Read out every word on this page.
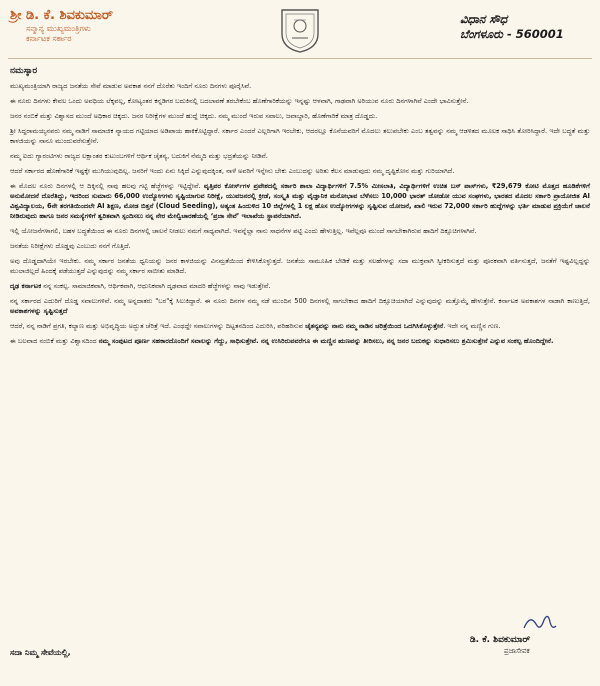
ಶ್ರೀ ಡಿ. ಕೆ. ಶಿವಕುಮಾರ್
ಸನ್ಮಾನ್ಯ ಮುಖ್ಯಮಂತ್ರಿಗಳು
ಕರ್ನಾಟಕ ಸರ್ಕಾರ
ವಿಧಾನ ಸೌಧ
ಬೆಂಗಳೂರು - 560001
ನಮಸ್ಕಾರ

ಮುಖ್ಯಮಂತ್ರಿಯಾಗಿ ರಾಜ್ಯದ ಜನತೆಯ ಸೇವೆ ಮಾಡುವ ಅವಕಾಶ ನನಗೆ ದೊರೆತು ಇಂದಿಗೆ ನೂರು ದಿನಗಳು ಪೂರೈಸಿವೆ.

ಈ ನೂರು ದಿನಗಳು ಕೇವಲ ಒಂದು ಅವಧಿಯ ಲೆಕ್ಕವಲ್ಲ, ಕೋಟ್ಯಂತರ ಕನ್ನಡಿಗರ ಬದುಕಿನಲ್ಲಿ ಬದಲಾವಣೆ ತರಬೇಕೆಂಬ ಹೊಣೆಗಾರಿಕೆಯನ್ನು ಇನ್ನಷ್ಟು ಆಳವಾಗಿ, ಗಾಢವಾಗಿ ಅರಿಯುವ ನೂರು ದಿನಗಳಾಗಿವೆ ಎಂದೇ ಭಾವಿಸುತ್ತೇನೆ.

ಜನರ ನಂಬಿಕೆ ಮತ್ತು ವಿಶ್ವಾಸದ ಮುಂದೆ ಅಧಿಕಾರ ಚಿಕ್ಕದು. ಜನರ ನಿರೀಕ್ಷೆಗಳ ಮುಂದೆ ಹುದ್ದೆ ಚಿಕ್ಕದು. ನಮ್ಮ ಮುಂದೆ ಇರುವ ಸವಾಲು, ಜವಾಬ್ದಾರಿ, ಹೊಣೆಗಾರಿಕೆ ಮಾತ್ರ ದೊಡ್ಡದು.

ಶ್ರೀ ಸಿದ್ದರಾಮಯ್ಯನವರು ನಮ್ಮ ನಾಡಿಗೆ ಸಾಮಾಜಿಕ ನ್ಯಾಯದ ಗಟ್ಟಿಯಾದ ಅಡಿಪಾಯ ಹಾಕಿಕೊಟ್ಟಿದ್ದಾರೆ. ಸರ್ಕಾರ ಎಂದರೆ ಎಲ್ಲರಿಗಾಗಿ ಇರಬೇಕು, ಆದರಲ್ಲೂ ಕೊನೆಯವರಿಗೆ ಮೊದಲು ತಲುಪಬೇಕು ಎಂಬ ತತ್ವವನ್ನು ನಮ್ಮ ಆಡಳಿತದ ಮೂಲಕ ಸಾಧಿಸಿ ತೋರಿಸಿದ್ದಾರೆ. ಇದೇ ಬದ್ಧತೆ ಮತ್ತು ಕಾಳಜಿಯನ್ನು ನಾನೂ ಮುಂದುವರೆಸುತ್ತೇನೆ.

ನಮ್ಮ ಐದು ಗ್ಯಾರಂಟಿಗಳು ರಾಜ್ಯದ ಲಕ್ಷಾಂತರ ಕುಟುಂಬಗಳಿಗೆ ಆರ್ಥಿಕ ಚೈತನ್ಯ, ಬದುಕಿಗೆ ನೆಮ್ಮದಿ ಮತ್ತು ಭದ್ರತೆಯನ್ನು ನೀಡಿವೆ.

ಆದರೆ ಸರ್ಕಾರದ ಹೊಣೆಗಾರಿಕೆ ಇಷ್ಟಕ್ಕೇ ಮುಗಿಯುವುದಿಲ್ಲ. ಜನರಿಗೆ ಇಂದು ಏನು ಸಿಕ್ಕಿದೆ ಎನ್ನುವುದಕ್ಕಿಂತ, ನಾಳೆ ಅವರಿಗೆ ಇನ್ನೇನು ಬೇಕು ಎಂಬುದನ್ನು ಅರಿತು ಕೆಲಸ ಮಾಡುವುದು ನಮ್ಮ ದೃಷ್ಟಿಕೋನ ಮತ್ತು ಗುರಿಯಾಗಿದೆ.

ಈ ಮೊದಲ ನೂರು ದಿನಗಳಲ್ಲಿ ಆ ದಿಕ್ಕಿನಲ್ಲಿ ನಾವು ಹಲವು ಗಟ್ಟಿ ಹೆಜ್ಜೆಗಳನ್ನು ಇಟ್ಟಿದ್ದೇವೆ. ವೃತ್ತಿಪರ ಕೋರ್ಸ್‌ಗಳ ಪ್ರವೇಶದಲ್ಲಿ ಸರ್ಕಾರಿ ಶಾಲಾ ವಿದ್ಯಾರ್ಥಿಗಳಿಗೆ 7.5% ಮೀಸಲಾತಿ, ವಿದ್ಯಾರ್ಥಿಗಳಿಗೆ ಉಚಿತ ಬಸ್ ಪಾಸ್‌ಗಳು, ₹29,679 ಕೋಟಿ ಮೊತ್ತದ ಹೂಡಿಕೆಗಳಿಗೆ ಅನುಮೋದನೆ ದೊರೆತಿದ್ದು, ಇದರಿಂದ ಸುಮಾರು 66,000 ಉದ್ಯೋಗಗಳು ಸೃಷ್ಟಿಯಾಗುವ ನಿರೀಕ್ಷೆ, ಯುವಜನರಲ್ಲಿ ಕ್ರೀಡೆ, ಸಂಸ್ಕೃತಿ ಮತ್ತು ವೈಜ್ಞಾನಿಕ ಮನೋಭಾವ ಬೆಳೆಸಲು 10,000 ಭಾರತ್ ಜೋಡೋ ಯುವ ಸಂಘಗಳು, ಭಾರತದ ಮೊದಲ ಸರ್ಕಾರಿ ಪ್ರಾಯೋಜಿತ AI ವಿಶ್ವವಿದ್ಯಾಲಯ, 6ನೇ ತರಗತಿಯಿಂದಲೇ AI ಶಿಕ್ಷಣ, ಮೋಡ ಬಿತ್ತನೆ (Cloud Seeding), ಅತ್ಯಂತ ಹಿಂದುಳಿದ 10 ಜಿಲ್ಲೆಗಳಲ್ಲಿ 1 ಲಕ್ಷ ಹೊಸ ಉದ್ಯೋಗಗಳನ್ನು ಸೃಷ್ಟಿಸುವ ಯೋಜನೆ, ಖಾಲಿ ಇರುವ 72,000 ಸರ್ಕಾರಿ ಹುದ್ದೆಗಳನ್ನು ಭರ್ತಿ ಮಾಡುವ ಪ್ರಕ್ರಿಯೆಗೆ ಚಾಲನೆ ನೀಡಿರುವುದು ಹಾಗೂ ಜನರ ಸಮಸ್ಯೆಗಳಿಗೆ ತ್ವರಿತವಾಗಿ ಸ್ಪಂದಿಸಲು ನನ್ನ ನೇರ ಮೇಲ್ವಿಚಾರಣೆಯಲ್ಲಿ ‘ಪ್ರಜಾ ಸೇವೆ’ ಇಲಾಖೆಯ ಸ್ಥಾಪನೆಯಾಗಿದೆ.

ಇಲ್ಲಿ ಯೋಜನೆಗಳಾಗಲಿ, ಬಹಳ ಬದ್ಧತೆಯಿಂದ ಈ ನೂರು ದಿನಗಳಲ್ಲಿ ಚಾಲನೆ ನೀಡಲು ನಮಗೆ ಸಾಧ್ಯವಾಗಿದೆ. ಇವನ್ನೆಲ್ಲಾ ನಾನು ಸಾಧನೆಗಳ ಪಟ್ಟಿ ಎಂದು ಹೇಳುತ್ತಿಲ್ಲ. ಇವೆಲ್ಲವೂ ಮುಂದೆ ಸಾಗಬೇಕಾಗಿರುವ ಹಾದಿಗೆ ದಿಕ್ಸೂಚಿಗಳಾಗಿವೆ.

ಜನತೆಯ ನಿರೀಕ್ಷೆಗಳು ದೊಡ್ಡವು ಎಂಬುದು ನನಗೆ ಗೊತ್ತಿದೆ.

ಅವು ದೊಡ್ಡದಾಗಿಯೇ ಇರಬೇಕು. ನಮ್ಮ ಸರ್ಕಾರ ಜನತೆಯ ಧ್ವನಿಯನ್ನು ಜನರ ಕಾಳಜಿಯನ್ನು ವಿನಮ್ರತೆಯಿಂದ ಕೇಳಿಸಿಕೊಳ್ಳುತ್ತದೆ. ಜನತೆಯ ಸಾಮೂಹಿಕ ಬೇಡಿಕೆ ಮತ್ತು ಸಲಹೆಗಳನ್ನು ಸದಾ ಮುಕ್ತವಾಗಿ ಸ್ವೀಕರಿಸುತ್ತದೆ ಮತ್ತು ಪೂರಕವಾಗಿ ವರ್ತಿಸುತ್ತದೆ, ಜನತೆಗೆ ಇಷ್ಟವಿಲ್ಲದ್ದನ್ನು ಮುಲಾಜಿಲ್ಲದೆ ಹಿಂದಕ್ಕೆ ಪಡೆಯುತ್ತದೆ ಎನ್ನುವುದನ್ನು ನಮ್ಮ ಸರ್ಕಾರ ಸಾಬೀತು ಮಾಡಿದೆ.

ದೃಢ ಕರ್ನಾಟಕ ನನ್ನ ಸಂಕಲ್ಪ. ಸಾಮಾಜಿಕವಾಗಿ, ಆರ್ಥಿಕವಾಗಿ, ಆಧುನಿಕವಾಗಿ ದೃಢವಾದ ಮಾದರಿ ಹೆಜ್ಜೆಗಳನ್ನು ನಾವು ಇಡುತ್ತೇವೆ.

ನನ್ನ ಸರ್ಕಾರದ ಎದುರಿಗೆ ದೊಡ್ಡ ಸವಾಲುಗಳಿವೆ. ನಮ್ಮ ಅನ್ನದಾತರು "ಬರ"ಕ್ಕೆ ಸಿಲುಕಿದ್ದಾರೆ. ಈ ನೂರು ದಿನಗಳ ನಮ್ಮ ನಡೆ ಮುಂದಿನ 500 ದಿನಗಳಲ್ಲಿ ಸಾಗಬೇಕಾದ ಹಾದಿಗೆ ದಿಕ್ಸೂಚಿಯಾಗಿದೆ ಎನ್ನುವುದನ್ನು ಮತ್ತೊಮ್ಮೆ ಹೇಳುತ್ತೇನೆ. ಕರ್ನಾಟಕ ಅವಕಾಶಗಳ ನಾಡಾಗಿ ಕಾಣುತ್ತಿದೆ, ಅವಕಾಶಗಳನ್ನು ಸೃಷ್ಟಿಸುತ್ತದೆ

ಆದರೆ, ನನ್ನ ನಾಡಿಗೆ ಪ್ರಗತಿ, ಕಲ್ಯಾಣ ಮತ್ತು ಅಭಿವೃದ್ಧಿಯ ಅದ್ಭುತ ಚೆರಿತ್ರೆ ಇದೆ. ಎಂಥದ್ದೇ ಸವಾಲುಗಳನ್ನು ದಿಟ್ಟತನದಿಂದ ಎದುರಿಸಿ, ಪರಿಹರಿಸುವ ಚೈತನ್ಯವನ್ನು ನಾನು ನಮ್ಮ ನಾಡಿನ ಚರಿತ್ರೆಯಿಂದ ಒದಗಿಸಿಕೊಳ್ಳುತ್ತೇನೆ. ಇದೇ ನನ್ನ ಮಣ್ಣಿನ ಗುಣ.

ಈ ಬಲವಾದ ನಂಬಿಕೆ ಮತ್ತು ವಿಶ್ವಾಸದಿಂದ ನಮ್ಮ ಸಂಪುಟದ ಪೂರ್ಣ ಸಹಕಾರದೊಂದಿಗೆ ಸವಾಲನ್ನು ಗೆದ್ದು, ಸಾಧಿಸುತ್ತೇವೆ. ನನ್ನ ಉಸಿರಿರುವವರೆಗೂ ಈ ಮಣ್ಣಿನ ಋಣವನ್ನು ತೀರಿಸಲು, ನನ್ನ ಜನರ ಬದುಕನ್ನು ಸುಧಾರಿಸಲು ಶ್ರಮಿಸುತ್ತೇನೆ ಎನ್ನುವ ಸಂಕಲ್ಪ ಹೊಂದಿದ್ದೇನೆ.

ಸದಾ ನಿಮ್ಮ ಸೇವೆಯಲ್ಲಿ,
ಡಿ. ಕೆ. ಶಿವಕುಮಾರ್
ಪ್ರಜಾಸೇವಕ
